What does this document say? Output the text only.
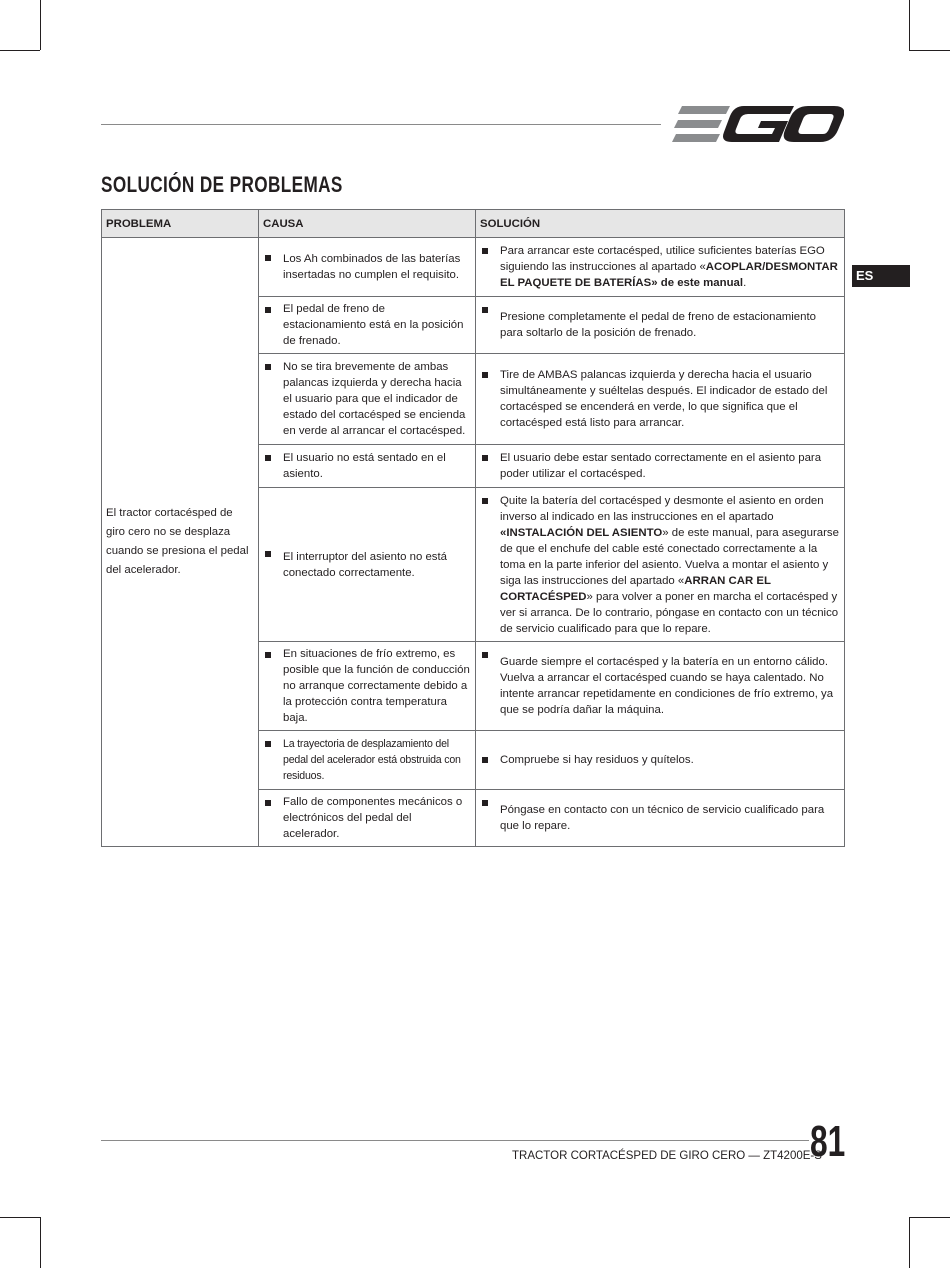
SOLUCIÓN DE PROBLEMAS
ES
PROBLEMA	CAUSA	SOLUCIÓN
El tractor cortacésped de giro cero no se desplaza cuando se presiona el pedal del acelerador.	Los Ah combinados de las baterías insertadas no cumplen el requisito.	Para arrancar este cortacésped, utilice suficientes baterías EGO siguiendo las instrucciones al apartado «ACOPLAR/DESMONTAR EL PAQUETE DE BATERÍAS» de este manual.

El pedal de freno de estacionamiento está en la posición de frenado.	Presione completamente el pedal de freno de estacionamiento para soltarlo de la posición de frenado.

No se tira brevemente de ambas palancas izquierda y derecha hacia el usuario para que el indicador de estado del cortacésped se encienda en verde al arrancar el cortacésped.	Tire de AMBAS palancas izquierda y derecha hacia el usuario simultáneamente y suéltelas después. El indicador de estado del cortacésped se encenderá en verde, lo que significa que el cortacésped está listo para arrancar.

El usuario no está sentado en el asiento.	El usuario debe estar sentado correctamente en el asiento para poder utilizar el cortacésped.

El interruptor del asiento no está conectado correctamente.	Quite la batería del cortacésped y desmonte el asiento en orden inverso al indicado en las instrucciones en el apartado «INSTALACIÓN DEL ASIENTO» de este manual, para asegurarse de que el enchufe del cable esté conectado correctamente a la toma en la parte inferior del asiento. Vuelva a montar el asiento y siga las instrucciones del apartado «ARRAN CAR EL CORTACÉSPED» para volver a poner en marcha el cortacésped y ver si arranca. De lo contrario, póngase en contacto con un técnico de servicio cualificado para que lo repare.

En situaciones de frío extremo, es posible que la función de conducción no arranque correctamente debido a la protección contra temperatura baja.	Guarde siempre el cortacésped y la batería en un entorno cálido. Vuelva a arrancar el cortacésped cuando se haya calentado. No intente arrancar repetidamente en condiciones de frío extremo, ya que se podría dañar la máquina.

La trayectoria de desplazamiento del pedal del acelerador está obstruida con residuos.	Compruebe si hay residuos y quítelos.

Fallo de componentes mecánicos o electrónicos del pedal del acelerador.	Póngase en contacto con un técnico de servicio cualificado para que lo repare.
TRACTOR CORTACÉSPED DE GIRO CERO — ZT4200E-S
81
